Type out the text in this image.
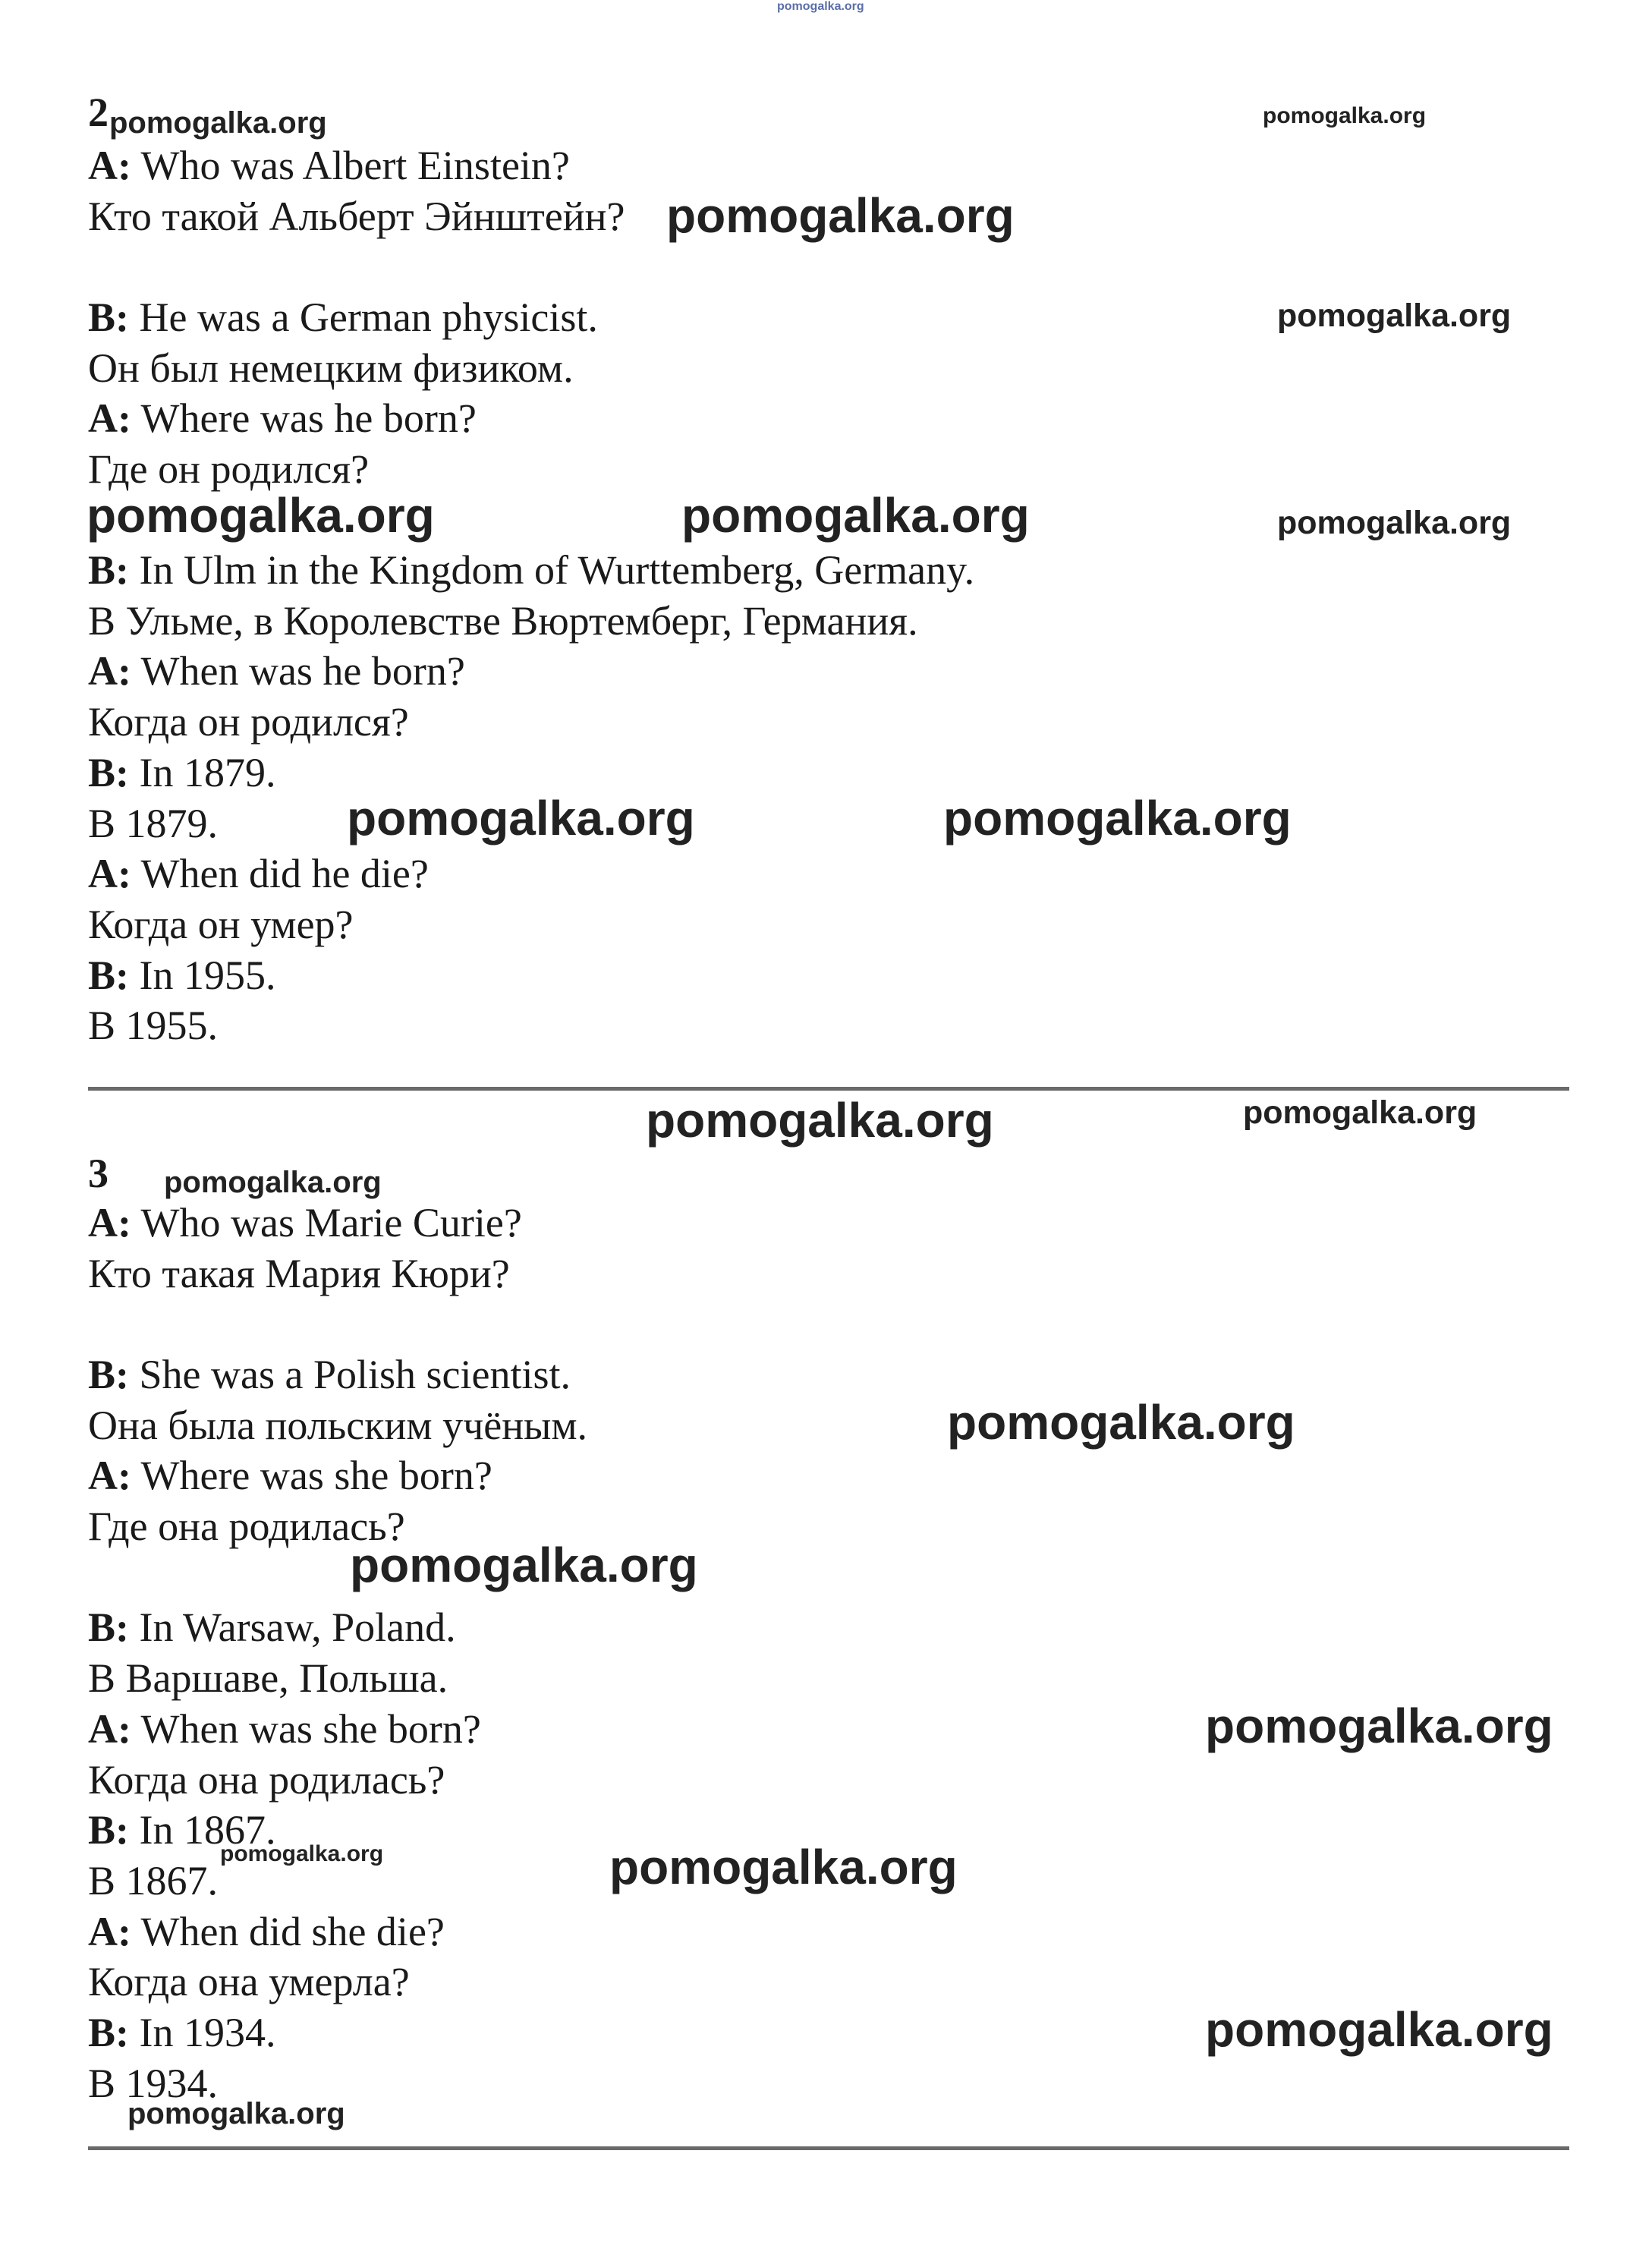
pomogalka.org
2 pomogalka.org	pomogalka.org
A: Who was Albert Einstein?
Кто такой Альберт Эйнштейн? pomogalka.org
B: He was a German physicist.	pomogalka.org
Он был немецким физиком.
A: Where was he born?
Где он родился?
pomogalka.org	pomogalka.org	pomogalka.org
B: In Ulm in the Kingdom of Wurttemberg, Germany.
В Ульме, в Королевстве Вюртемберг, Германия.
A: When was he born?
Когда он родился?
B: In 1879.
В 1879.	pomogalka.org	pomogalka.org
A: When did he die?
Когда он умер?
B: In 1955.
В 1955.
pomogalka.org	pomogalka.org
3 pomogalka.org
A: Who was Marie Curie?
Кто такая Мария Кюри?
B: She was a Polish scientist.
Она была польским учёным.	pomogalka.org
A: Where was she born?
Где она родилась?
pomogalka.org
B: In Warsaw, Poland.
В Варшаве, Польша.
A: When was she born?	pomogalka.org
Когда она родилась?
B: In 1867.
pomogalka.org
В 1867.	pomogalka.org
A: When did she die?
Когда она умерла?
B: In 1934.	pomogalka.org
В 1934.
pomogalka.org
